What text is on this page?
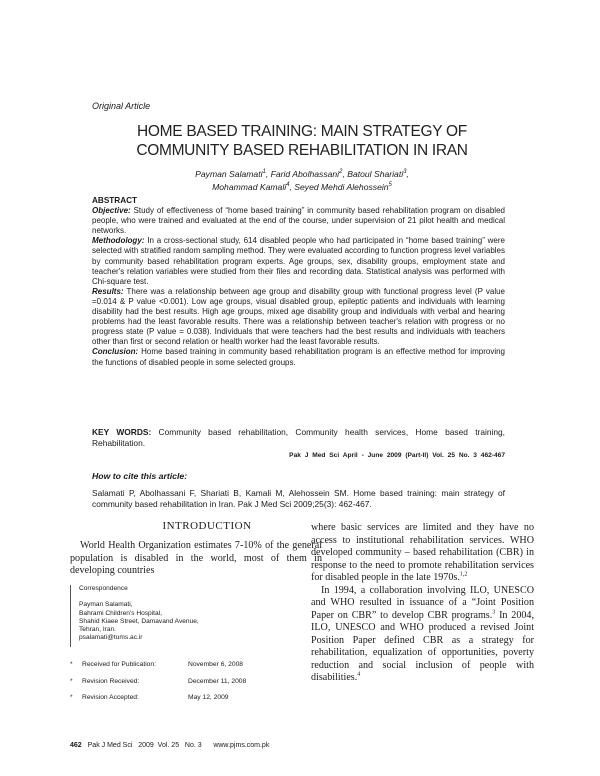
Original Article
HOME BASED TRAINING: MAIN STRATEGY OF
COMMUNITY BASED REHABILITATION IN IRAN
Payman Salamati$^1$, Farid Abolhassani$^2$, Batoul Shariati$^3$,
Mohammad Kamali$^4$, Seyed Mehdi Alehossein$^5$
ABSTRACT

Objective: Study of effectiveness of “home based training” in community based rehabilitation program on disabled people, who were trained and evaluated at the end of the course, under supervision of 21 pilot health and medical networks.

Methodology: In a cross-sectional study, 614 disabled people who had participated in “home based training” were selected with stratified random sampling method. They were evaluated according to function progress level variables by community based rehabilitation program experts. Age groups, sex, disability groups, employment state and teacher's relation variables were studied from their files and recording data. Statistical analysis was performed with Chi-square test.

Results: There was a relationship between age group and disability group with functional progress level (P value =0.014 & P value <0.001). Low age groups, visual disabled group, epileptic patients and individuals with learning disability had the best results. High age groups, mixed age disability group and individuals with verbal and hearing problems had the least favorable results. There was a relationship between teacher's relation with progress or no progress state (P value = 0.038). Individuals that were teachers had the best results and individuals with teachers other than first or second relation or health worker had the least favorable results.

Conclusion: Home based training in community based rehabilitation program is an effective method for improving the functions of disabled people in some selected groups.

KEY WORDS: Community based rehabilitation, Community health services, Home based training, Rehabilitation.
Pak J Med Sci April - June 2009 (Part-II) Vol. 25 No. 3 462-467
How to cite this article:
Salamati P, Abolhassani F, Shariati B, Kamali M, Alehossein SM. Home based training: main strategy of community based rehabilitation in Iran. Pak J Med Sci 2009;25(3): 462-467.
INTRODUCTION

World Health Organization estimates 7-10% of the general population is disabled in the world, most of them in developing countries

Correspondence
Payman Salamati,
Bahrami Children's Hospital,
Shahid Kiaee Street, Damavand Avenue,
Tehran, Iran.
psalamati@tums.ac.ir
*	Received for Publication:	November 6, 2008
*	Revision Received:	December 11, 2008
*	Revision Accepted:	May 12, 2009

where basic services are limited and they have no access to institutional rehabilitation services. WHO developed community – based rehabilitation (CBR) in response to the need to promote rehabilitation services for disabled people in the late 1970s.$^{1,2}$

In 1994, a collaboration involving ILO, UNESCO and WHO resulted in issuance of a “Joint Position Paper on CBR” to develop CBR programs.$^3$ In 2004, ILO, UNESCO and WHO produced a revised Joint Position Paper defined CBR as a strategy for rehabilitation, equalization of opportunities, poverty reduction and social inclusion of people with disabilities.$^4$

462 Pak J Med Sci   2009  Vol. 25   No. 3      www.pjms.com.pk
